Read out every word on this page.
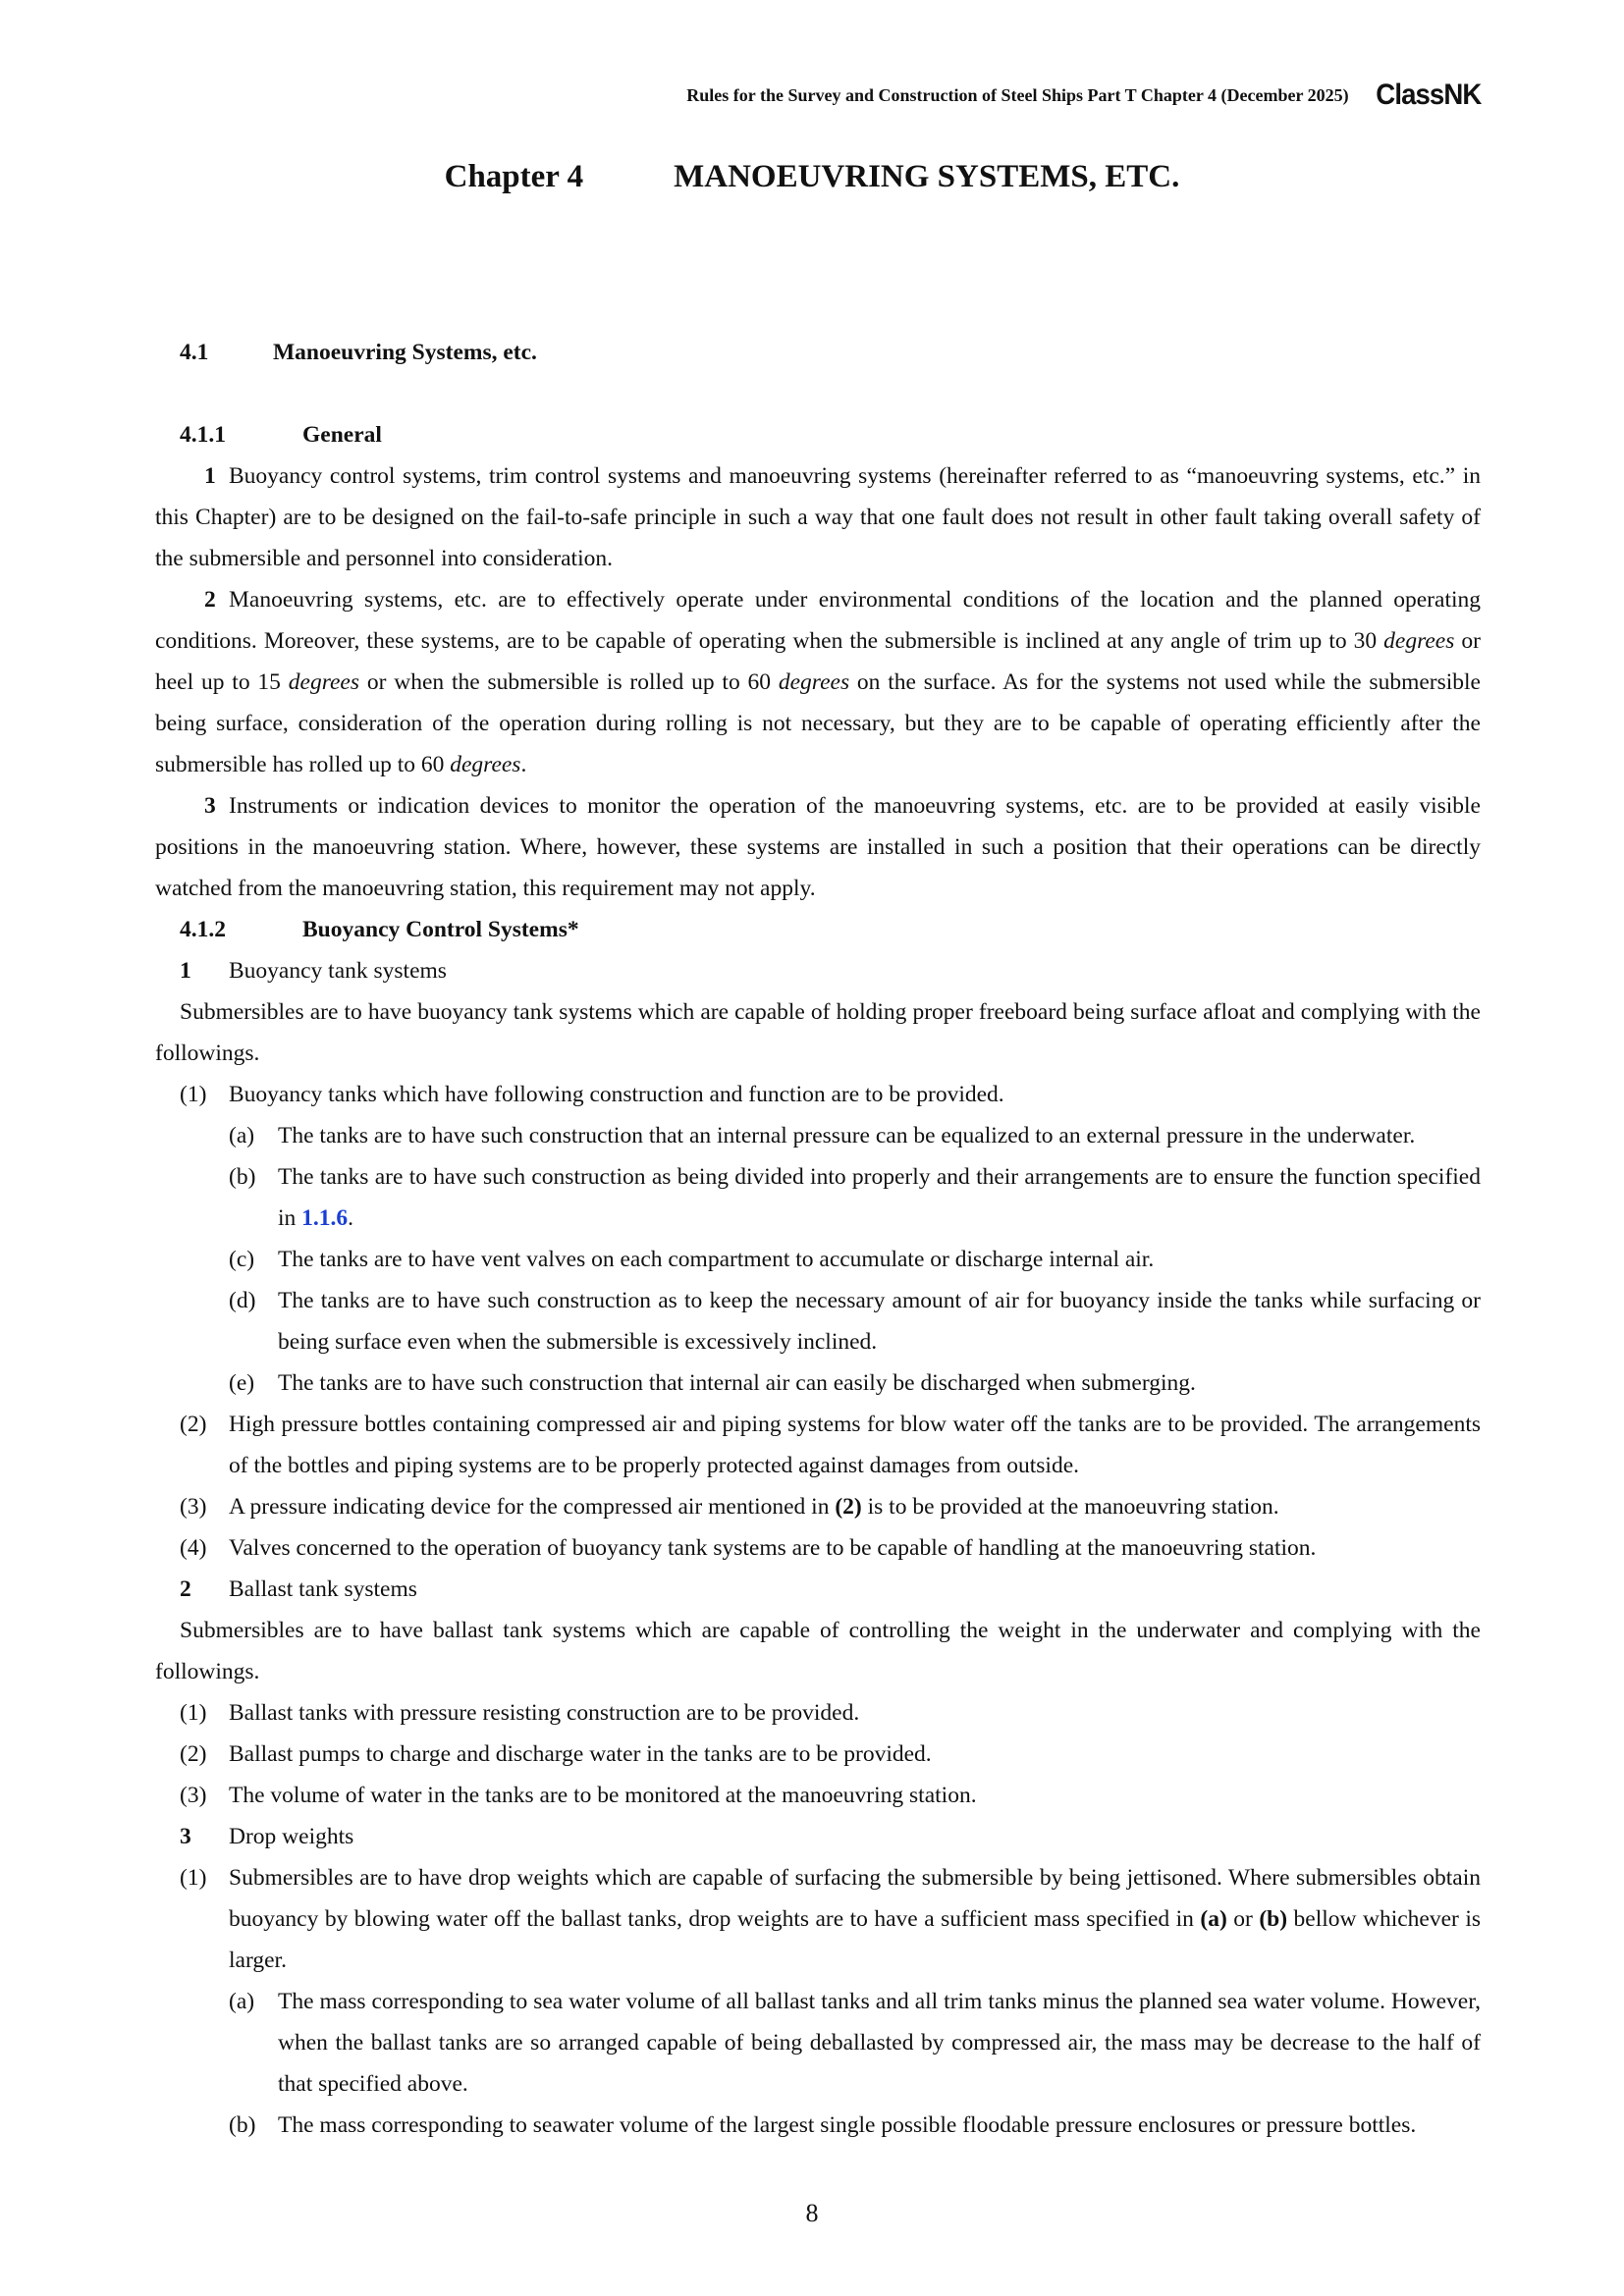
Rules for the Survey and Construction of Steel Ships Part T Chapter 4 (December 2025) ClassNK
Chapter 4	MANOEUVRING SYSTEMS, ETC.
4.1	Manoeuvring Systems, etc.
4.1.1	General
1 Buoyancy control systems, trim control systems and manoeuvring systems (hereinafter referred to as “manoeuvring systems, etc.” in this Chapter) are to be designed on the fail-to-safe principle in such a way that one fault does not result in other fault taking overall safety of the submersible and personnel into consideration.
2 Manoeuvring systems, etc. are to effectively operate under environmental conditions of the location and the planned operating conditions. Moreover, these systems, are to be capable of operating when the submersible is inclined at any angle of trim up to 30 degrees or heel up to 15 degrees or when the submersible is rolled up to 60 degrees on the surface. As for the systems not used while the submersible being surface, consideration of the operation during rolling is not necessary, but they are to be capable of operating efficiently after the submersible has rolled up to 60 degrees.
3 Instruments or indication devices to monitor the operation of the manoeuvring systems, etc. are to be provided at easily visible positions in the manoeuvring station. Where, however, these systems are installed in such a position that their operations can be directly watched from the manoeuvring station, this requirement may not apply.
4.1.2	Buoyancy Control Systems*
1 Buoyancy tank systems
Submersibles are to have buoyancy tank systems which are capable of holding proper freeboard being surface afloat and complying with the followings.
(1) Buoyancy tanks which have following construction and function are to be provided.
(a) The tanks are to have such construction that an internal pressure can be equalized to an external pressure in the underwater.
(b) The tanks are to have such construction as being divided into properly and their arrangements are to ensure the function specified in 1.1.6.
(c) The tanks are to have vent valves on each compartment to accumulate or discharge internal air.
(d) The tanks are to have such construction as to keep the necessary amount of air for buoyancy inside the tanks while surfacing or being surface even when the submersible is excessively inclined.
(e) The tanks are to have such construction that internal air can easily be discharged when submerging.
(2) High pressure bottles containing compressed air and piping systems for blow water off the tanks are to be provided. The arrangements of the bottles and piping systems are to be properly protected against damages from outside.
(3) A pressure indicating device for the compressed air mentioned in (2) is to be provided at the manoeuvring station.
(4) Valves concerned to the operation of buoyancy tank systems are to be capable of handling at the manoeuvring station.
2 Ballast tank systems
Submersibles are to have ballast tank systems which are capable of controlling the weight in the underwater and complying with the followings.
(1) Ballast tanks with pressure resisting construction are to be provided.
(2) Ballast pumps to charge and discharge water in the tanks are to be provided.
(3) The volume of water in the tanks are to be monitored at the manoeuvring station.
3 Drop weights
(1) Submersibles are to have drop weights which are capable of surfacing the submersible by being jettisoned. Where submersibles obtain buoyancy by blowing water off the ballast tanks, drop weights are to have a sufficient mass specified in (a) or (b) bellow whichever is larger.
(a) The mass corresponding to sea water volume of all ballast tanks and all trim tanks minus the planned sea water volume. However, when the ballast tanks are so arranged capable of being deballasted by compressed air, the mass may be decrease to the half of that specified above.
(b) The mass corresponding to seawater volume of the largest single possible floodable pressure enclosures or pressure bottles.
8
